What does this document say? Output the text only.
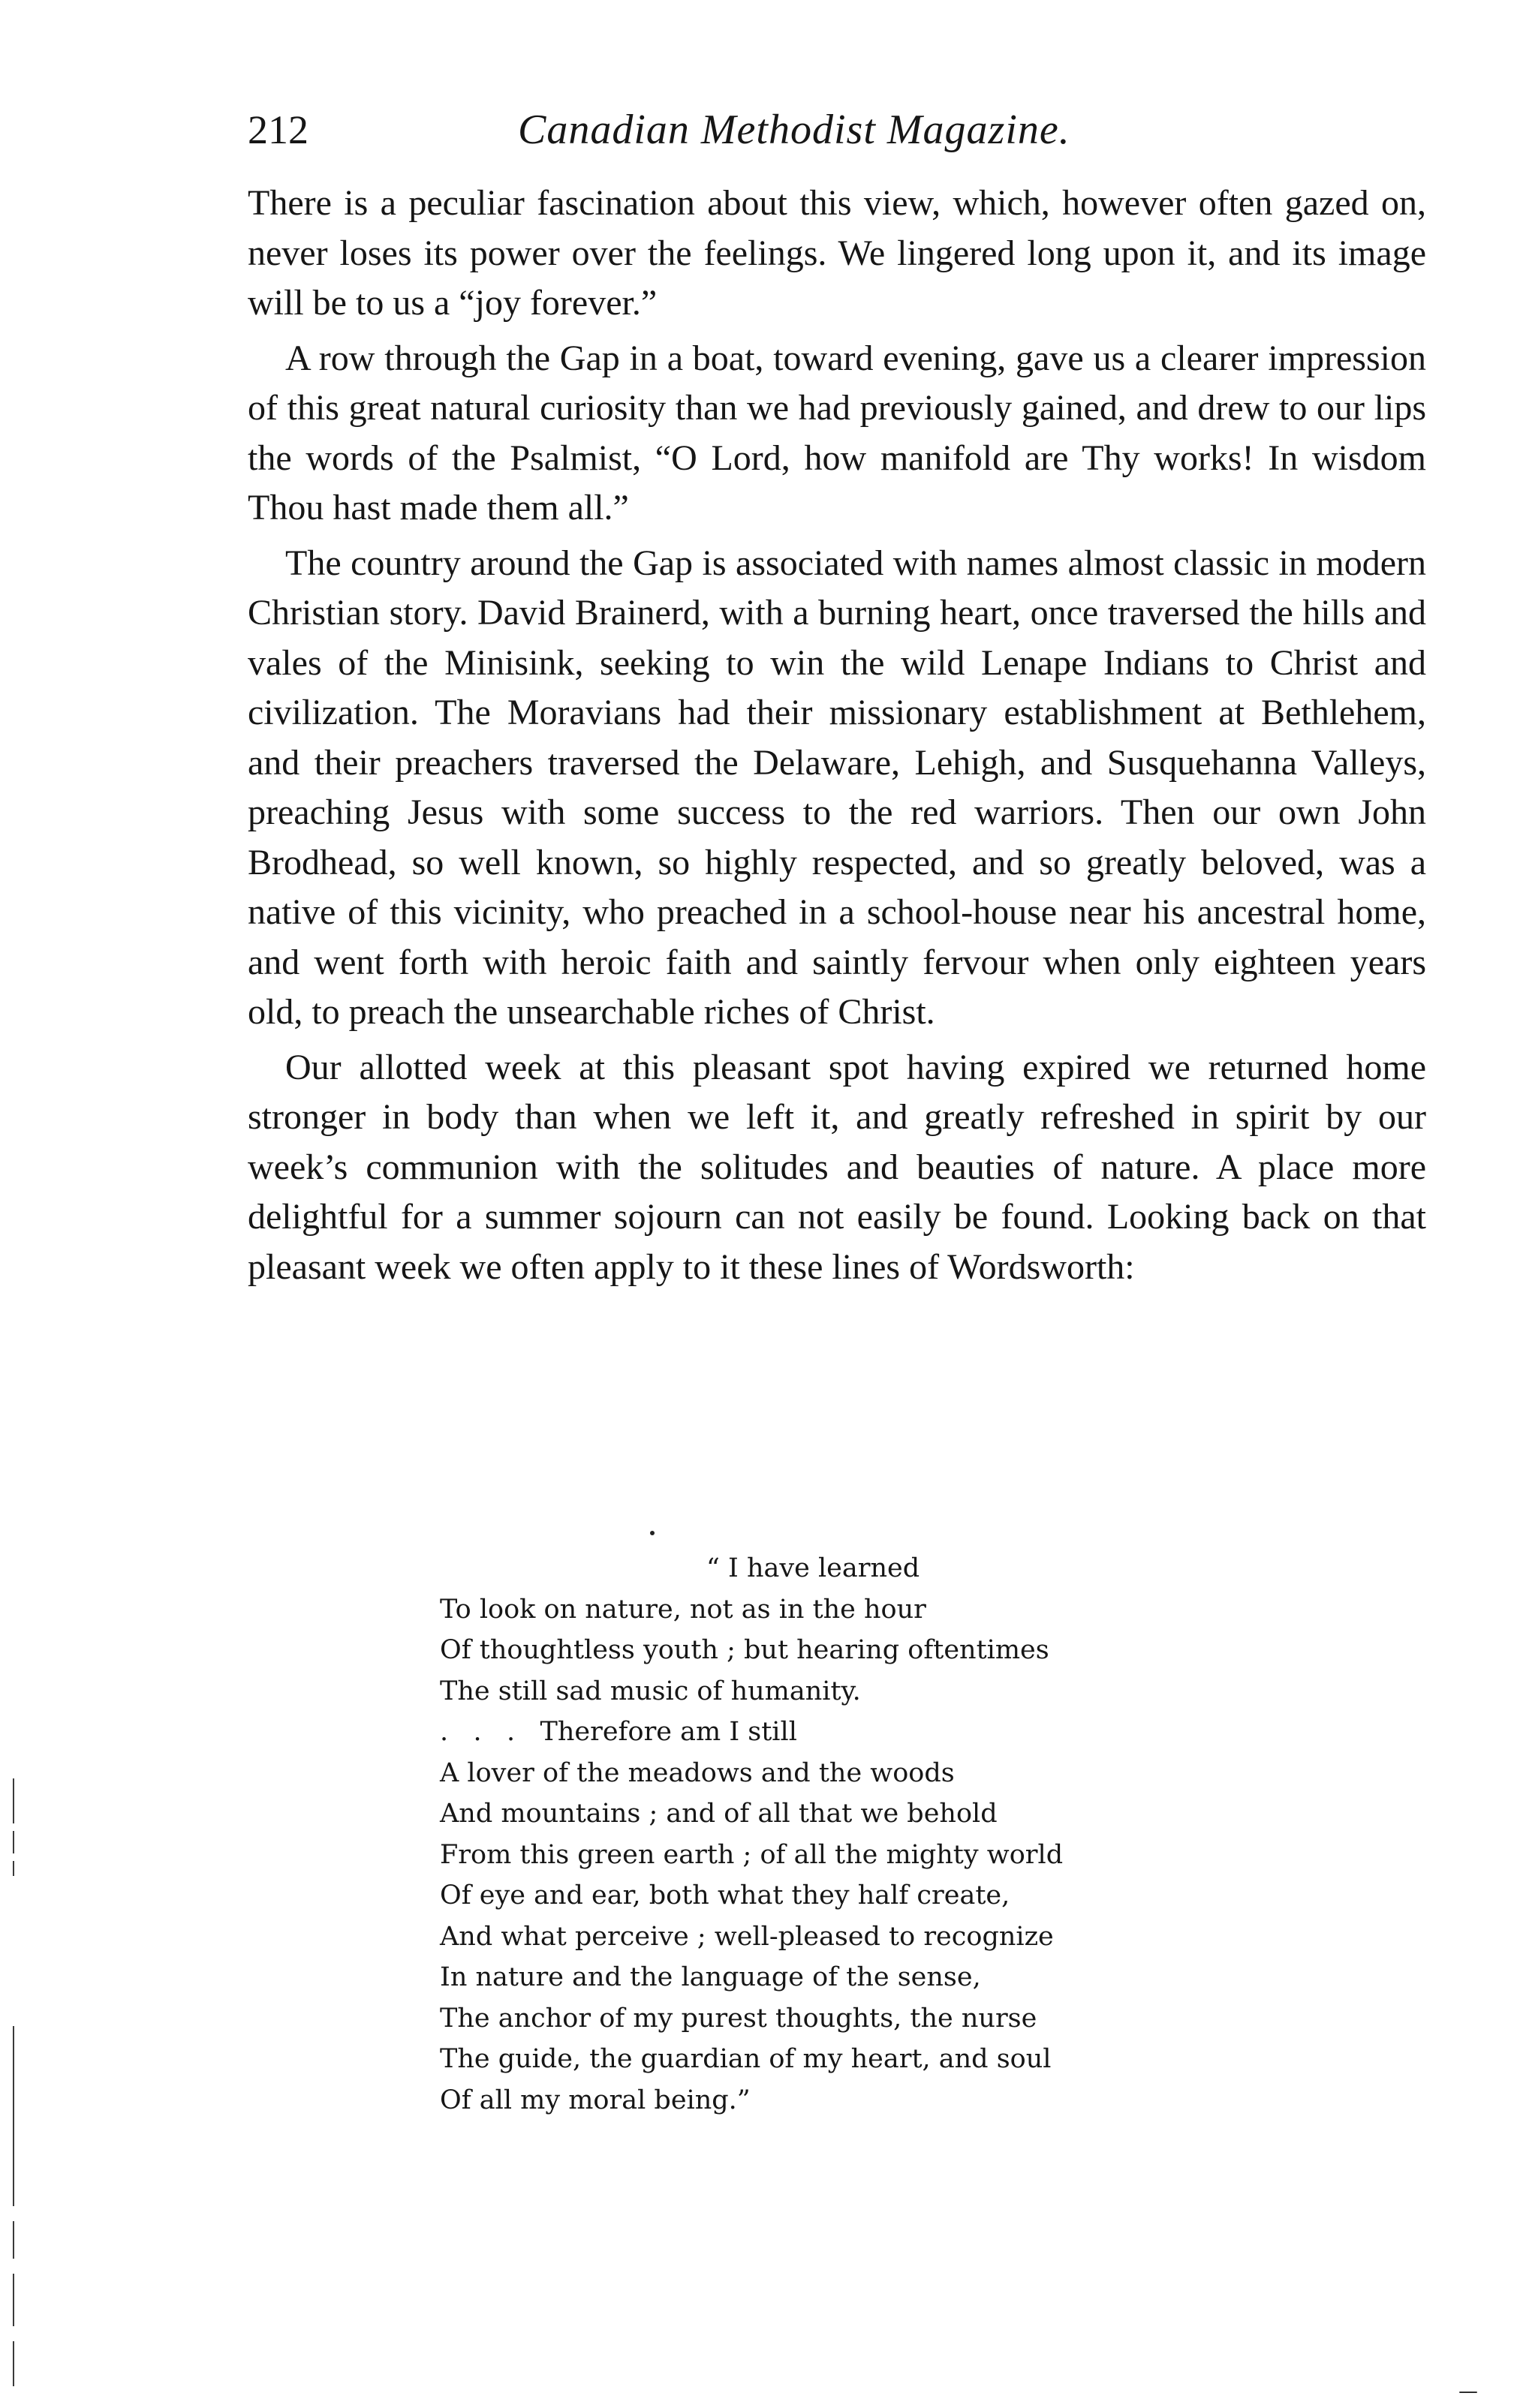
212	Canadian Methodist Magazine.

There is a peculiar fascination about this view, which, however often gazed on, never loses its power over the feelings. We lingered long upon it, and its image will be to us a “joy forever.”

A row through the Gap in a boat, toward evening, gave us a clearer impression of this great natural curiosity than we had previously gained, and drew to our lips the words of the Psalmist, “O Lord, how manifold are Thy works! In wisdom Thou hast made them all.”

The country around the Gap is associated with names almost classic in modern Christian story. David Brainerd, with a burning heart, once traversed the hills and vales of the Minisink, seeking to win the wild Lenape Indians to Christ and civilization. The Moravians had their missionary establishment at Bethlehem, and their preachers traversed the Delaware, Lehigh, and Susquehanna Valleys, preaching Jesus with some success to the red warriors. Then our own John Brodhead, so well known, so highly respected, and so greatly beloved, was a native of this vicinity, who preached in a school-house near his ancestral home, and went forth with heroic faith and saintly fervour when only eighteen years old, to preach the unsearchable riches of Christ.

Our allotted week at this pleasant spot having expired we returned home stronger in body than when we left it, and greatly refreshed in spirit by our week’s communion with the solitudes and beauties of nature. A place more delightful for a summer sojourn can not easily be found. Looking back on that pleasant week we often apply to it these lines of Wordsworth:

“ I have learned
To look on nature, not as in the hour
Of thoughtless youth ; but hearing oftentimes
The still sad music of humanity.
.   .   .   Therefore am I still
A lover of the meadows and the woods
And mountains ; and of all that we behold
From this green earth ; of all the mighty world
Of eye and ear, both what they half create,
And what perceive ; well-pleased to recognize
In nature and the language of the sense,
The anchor of my purest thoughts, the nurse
The guide, the guardian of my heart, and soul
Of all my moral being.”
—
